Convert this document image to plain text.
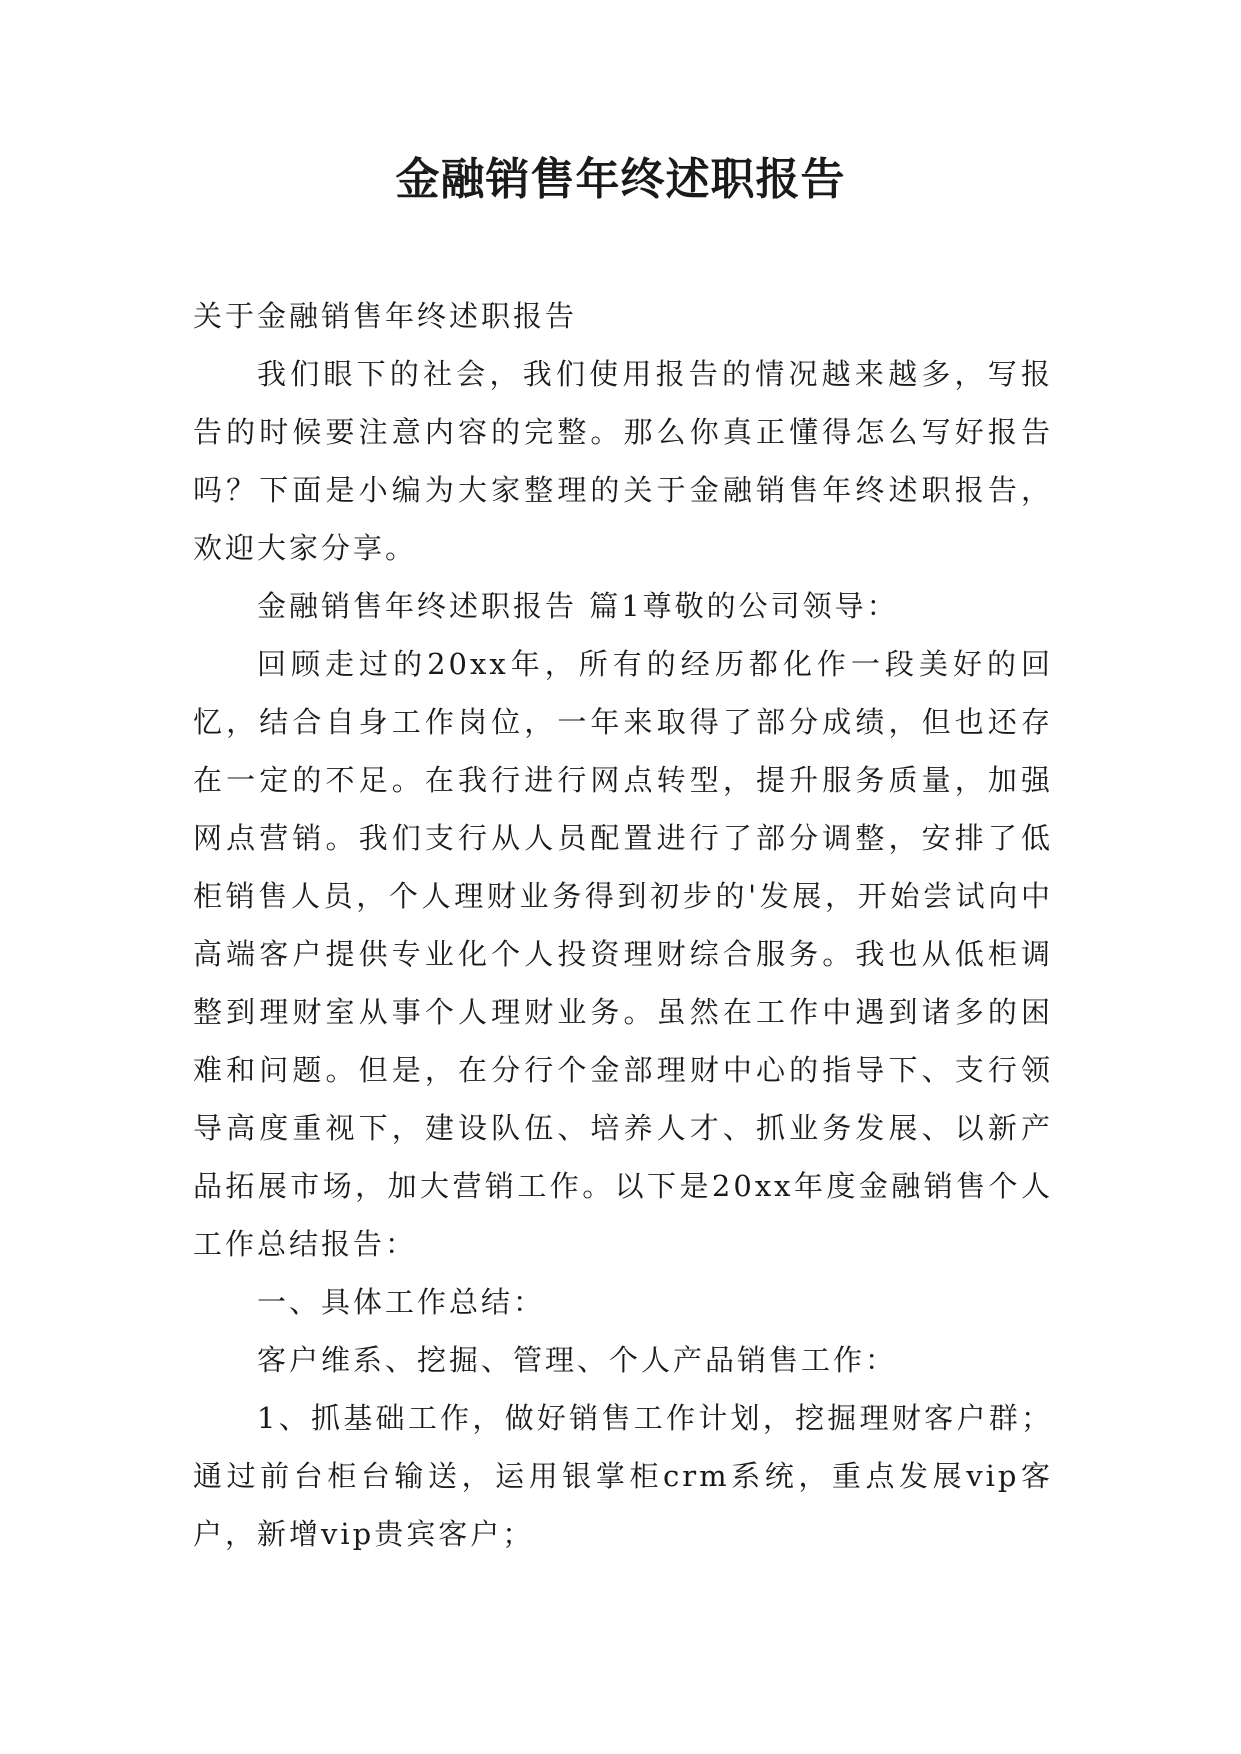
金融销售年终述职报告

关于金融销售年终述职报告

我们眼下的社会，我们使用报告的情况越来越多，写报告的时候要注意内容的完整。那么你真正懂得怎么写好报告吗？下面是小编为大家整理的关于金融销售年终述职报告，欢迎大家分享。

金融销售年终述职报告 篇1尊敬的公司领导：

回顾走过的20xx年，所有的经历都化作一段美好的回忆，结合自身工作岗位，一年来取得了部分成绩，但也还存在一定的不足。在我行进行网点转型，提升服务质量，加强网点营销。我们支行从人员配置进行了部分调整，安排了低柜销售人员，个人理财业务得到初步的'发展，开始尝试向中高端客户提供专业化个人投资理财综合服务。我也从低柜调整到理财室从事个人理财业务。虽然在工作中遇到诸多的困难和问题。但是，在分行个金部理财中心的指导下、支行领导高度重视下，建设队伍、培养人才、抓业务发展、以新产品拓展市场，加大营销工作。以下是20xx年度金融销售个人工作总结报告：

一、具体工作总结：

客户维系、挖掘、管理、个人产品销售工作：

1、抓基础工作，做好销售工作计划，挖掘理财客户群；通过前台柜台输送，运用银掌柜crm系统，重点发展vip客户，新增vip贵宾客户；
